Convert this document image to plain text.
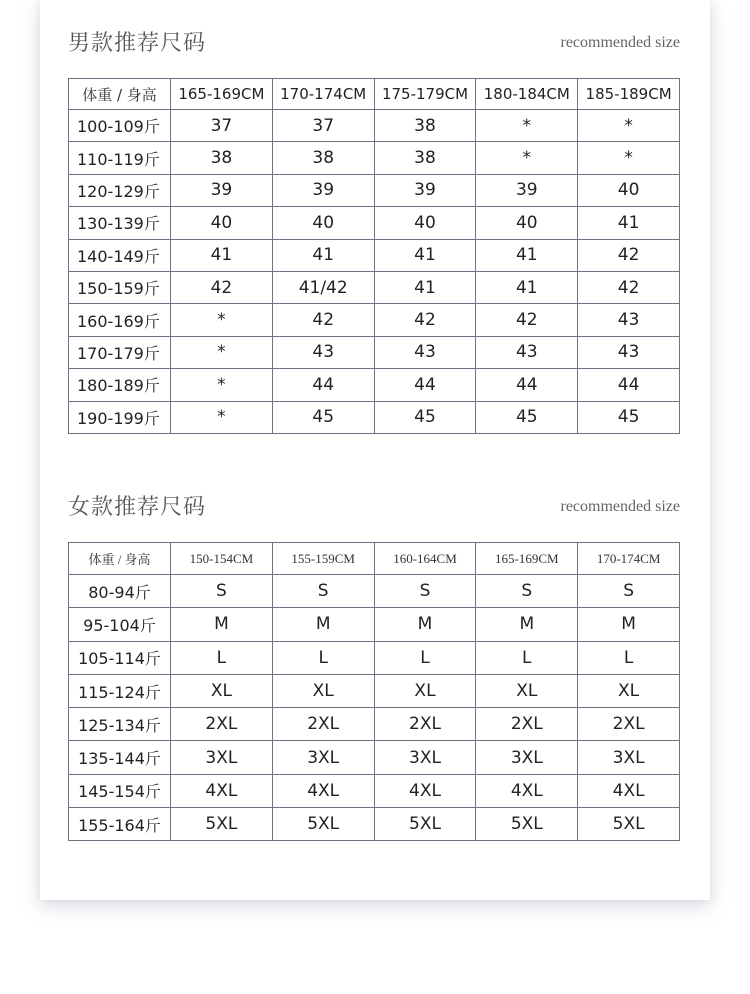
男款推荐尺码	recommended size
体重 / 身高	165-169CM	170-174CM	175-179CM	180-184CM	185-189CM
100-109斤	37	37	38	*	*
110-119斤	38	38	38	*	*
120-129斤	39	39	39	39	40
130-139斤	40	40	40	40	41
140-149斤	41	41	41	41	42
150-159斤	42	41/42	41	41	42
160-169斤	*	42	42	42	43
170-179斤	*	43	43	43	43
180-189斤	*	44	44	44	44
190-199斤	*	45	45	45	45
女款推荐尺码	recommended size
体重 / 身高	150-154CM	155-159CM	160-164CM	165-169CM	170-174CM
80-94斤	S	S	S	S	S
95-104斤	M	M	M	M	M
105-114斤	L	L	L	L	L
115-124斤	XL	XL	XL	XL	XL
125-134斤	2XL	2XL	2XL	2XL	2XL
135-144斤	3XL	3XL	3XL	3XL	3XL
145-154斤	4XL	4XL	4XL	4XL	4XL
155-164斤	5XL	5XL	5XL	5XL	5XL
